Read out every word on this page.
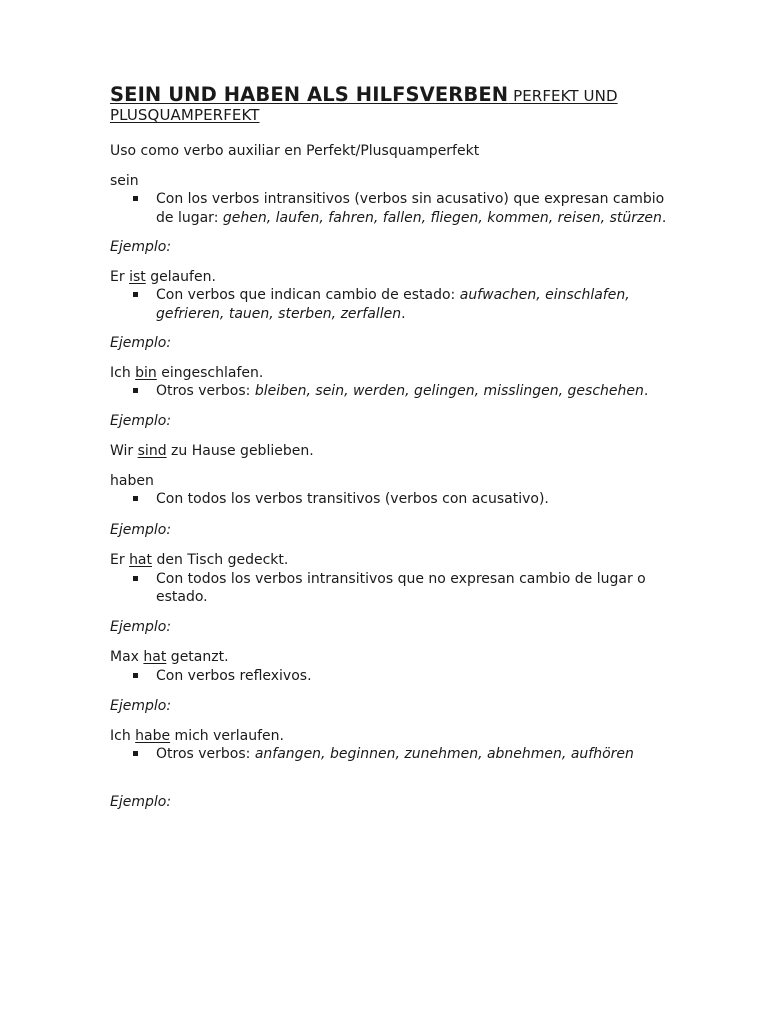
SEIN UND HABEN ALS HILFSVERBEN PERFEKT UND
PLUSQUAMPERFEKT

Uso como verbo auxiliar en Perfekt/Plusquamperfekt

sein

Con los verbos intransitivos (verbos sin acusativo) que expresan cambio de lugar: gehen, laufen, fahren, fallen, fliegen, kommen, reisen, stürzen.

Ejemplo:

Er ist gelaufen.

Con verbos que indican cambio de estado: aufwachen, einschlafen, gefrieren, tauen, sterben, zerfallen.

Ejemplo:

Ich bin eingeschlafen.

Otros verbos: bleiben, sein, werden, gelingen, misslingen, geschehen.

Ejemplo:

Wir sind zu Hause geblieben.

haben

Con todos los verbos transitivos (verbos con acusativo).

Ejemplo:

Er hat den Tisch gedeckt.

Con todos los verbos intransitivos que no expresan cambio de lugar o estado.

Ejemplo:

Max hat getanzt.

Con verbos reflexivos.

Ejemplo:

Ich habe mich verlaufen.

Otros verbos: anfangen, beginnen, zunehmen, abnehmen, aufhören

Ejemplo:
